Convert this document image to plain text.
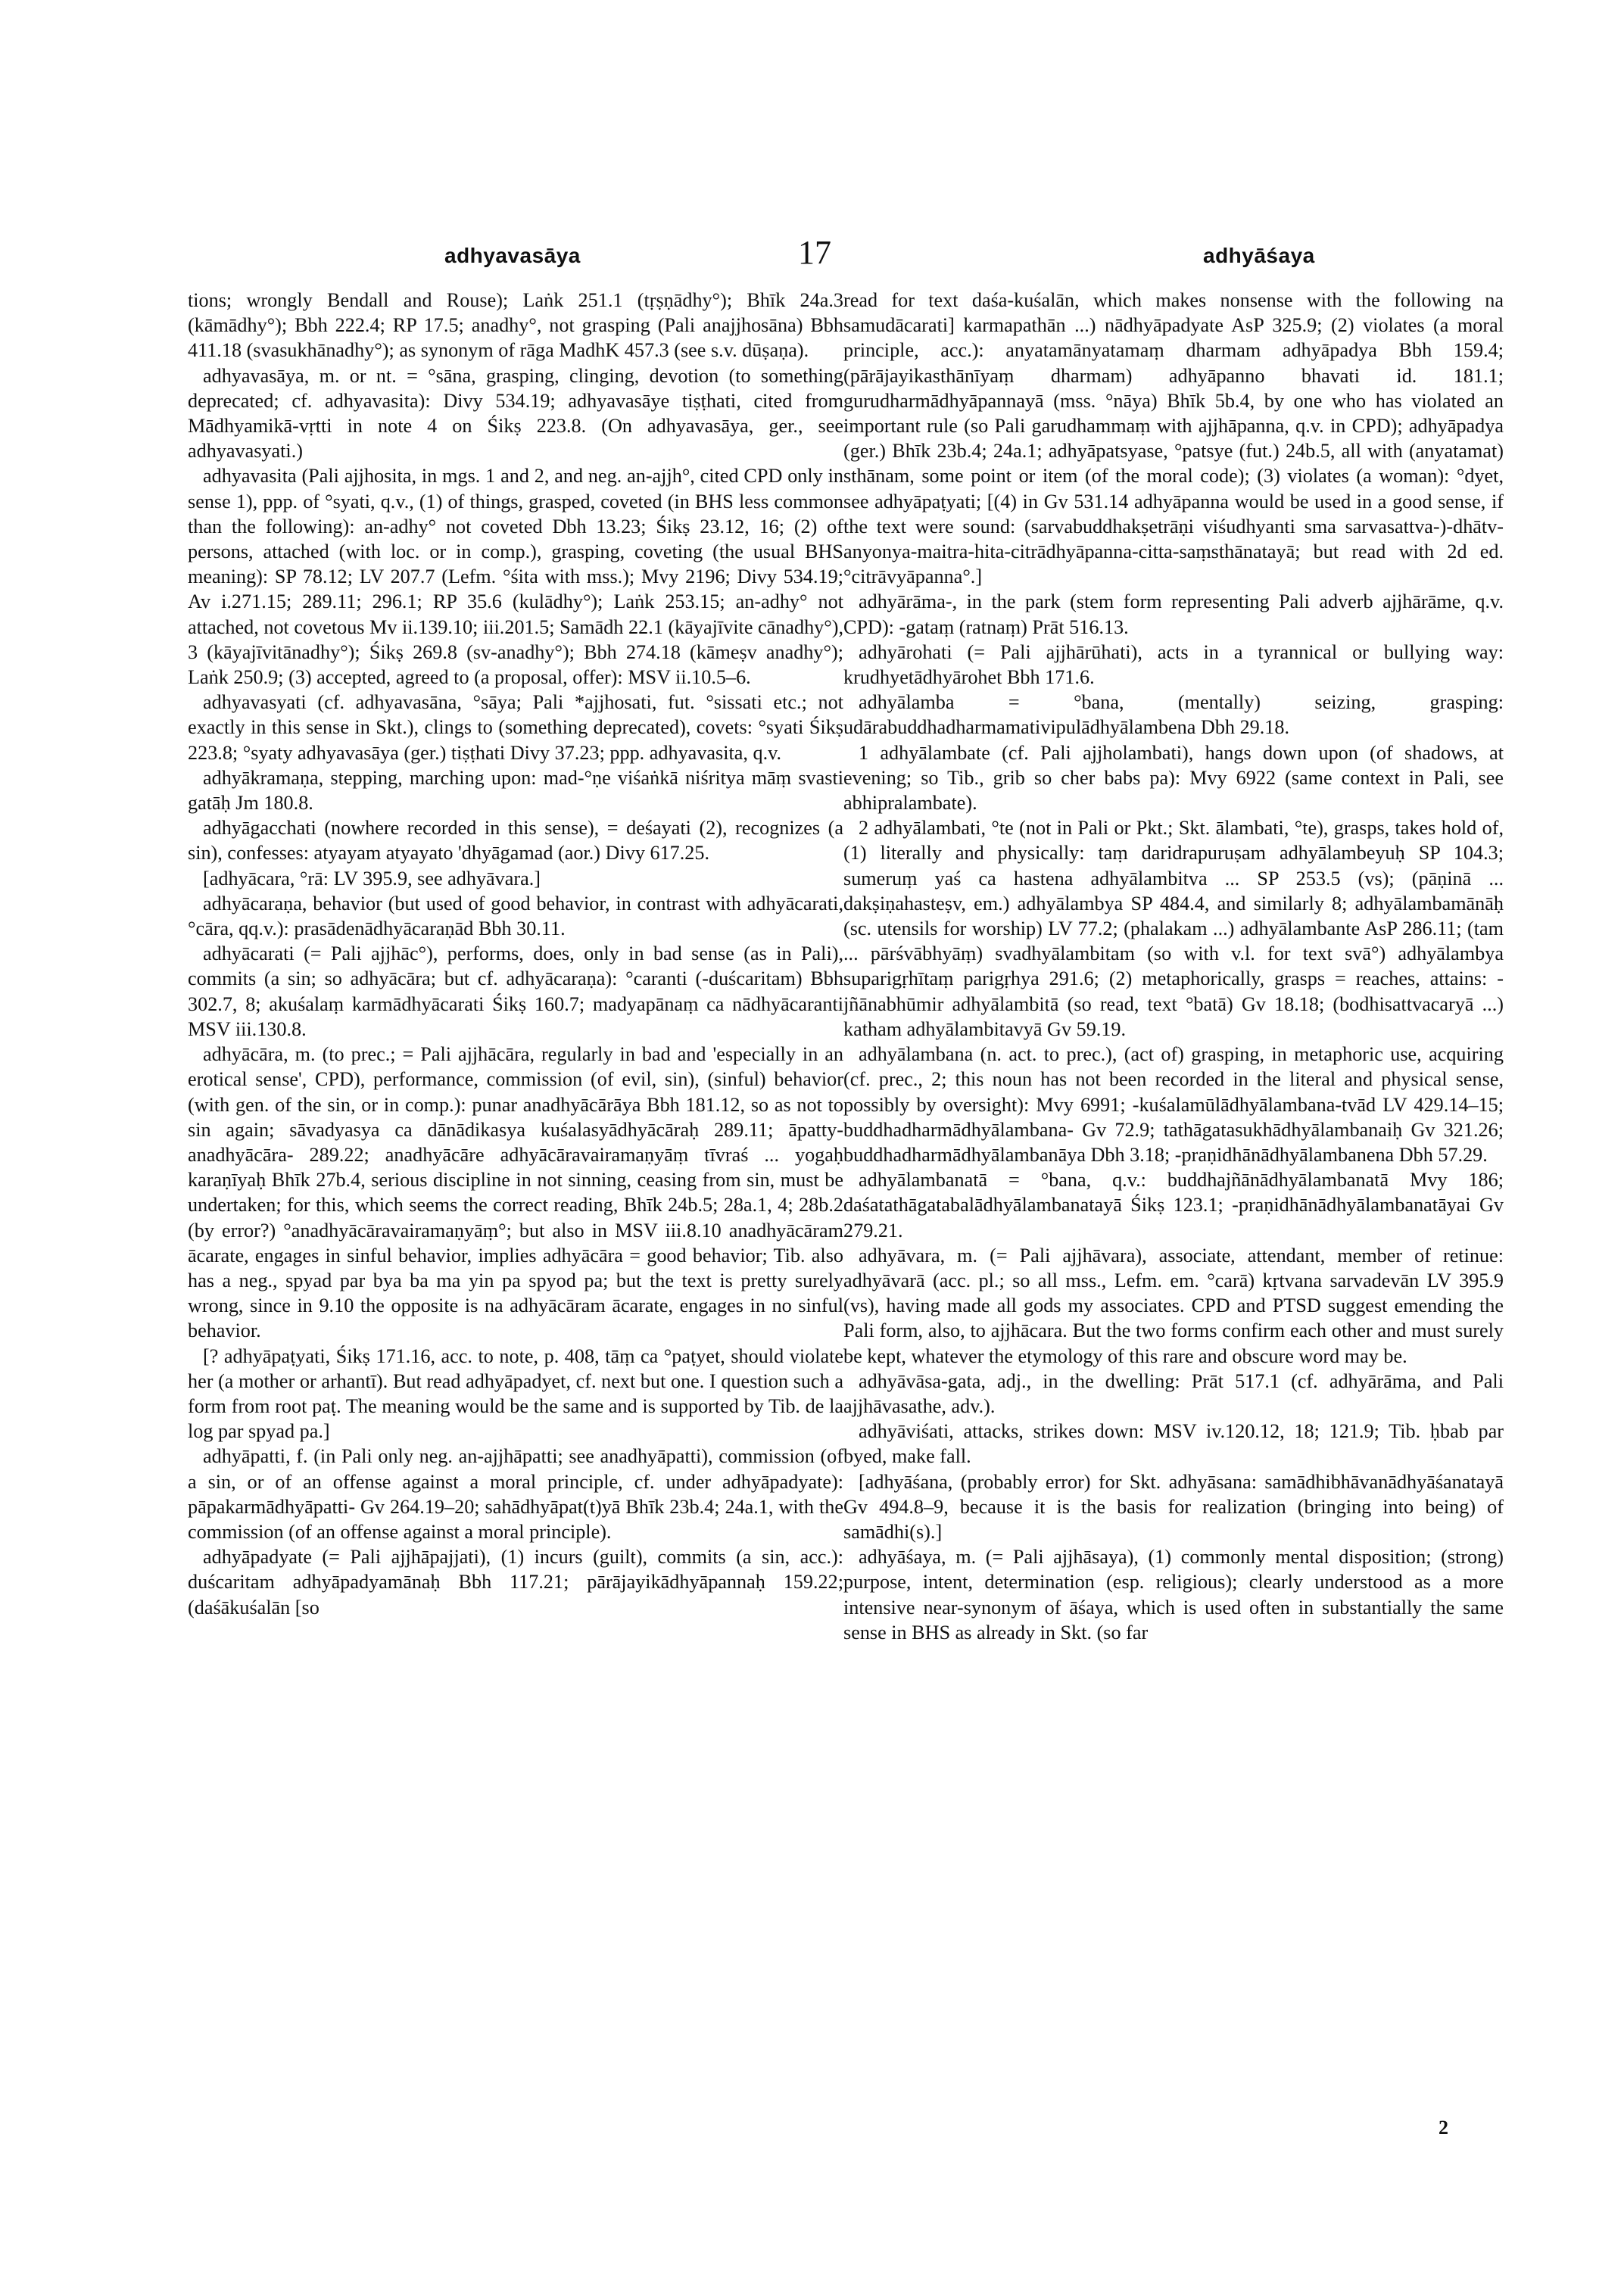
adhyavasāya	17	adhyāśaya

tions; wrongly Bendall and Rouse); Laṅk 251.1 (tṛṣṇādhy°); Bhīk 24a.3 (kāmādhy°); Bbh 222.4; RP 17.5; anadhy°, not grasping (Pali anajjhosāna) Bbh 411.18 (svasukhānadhy°); as synonym of rāga MadhK 457.3 (see s.v. dūṣaṇa).

adhyavasāya, m. or nt. = °sāna, grasping, clinging, devotion (to something deprecated; cf. adhyavasita): Divy 534.19; adhyavasāye tiṣṭhati, cited from Mādhyamikā-vṛtti in note 4 on Śikṣ 223.8. (On adhyavasāya, ger., see adhyavasyati.)

adhyavasita (Pali ajjhosita, in mgs. 1 and 2, and neg. an-ajjh°, cited CPD only in sense 1), ppp. of °syati, q.v., (1) of things, grasped, coveted (in BHS less common than the following): an-adhy° not coveted Dbh 13.23; Śikṣ 23.12, 16; (2) of persons, attached (with loc. or in comp.), grasping, coveting (the usual BHS meaning): SP 78.12; LV 207.7 (Lefm. °śita with mss.); Mvy 2196; Divy 534.19; Av i.271.15; 289.11; 296.1; RP 35.6 (kulādhy°); Laṅk 253.15; an-adhy° not attached, not covetous Mv ii.139.10; iii.201.5; Samādh 22.1 (kāyajīvite cānadhy°), 3 (kāyajīvitānadhy°); Śikṣ 269.8 (sv-anadhy°); Bbh 274.18 (kāmeṣv anadhy°); Laṅk 250.9; (3) accepted, agreed to (a proposal, offer): MSV ii.10.5–6.

adhyavasyati (cf. adhyavasāna, °sāya; Pali *ajjhosati, fut. °sissati etc.; not exactly in this sense in Skt.), clings to (something deprecated), covets: °syati Śikṣ 223.8; °syaty adhyavasāya (ger.) tiṣṭhati Divy 37.23; ppp. adhyavasita, q.v.

adhyākramaṇa, stepping, marching upon: mad-°ṇe viśaṅkā niśritya māṃ svasti gatāḥ Jm 180.8.

adhyāgacchati (nowhere recorded in this sense), = deśayati (2), recognizes (a sin), confesses: atyayam atyayato 'dhyāgamad (aor.) Divy 617.25.

[adhyācara, °rā: LV 395.9, see adhyāvara.]

adhyācaraṇa, behavior (but used of good behavior, in contrast with adhyācarati, °cāra, qq.v.): prasādenādhyācaraṇād Bbh 30.11.

adhyācarati (= Pali ajjhāc°), performs, does, only in bad sense (as in Pali), commits (a sin; so adhyācāra; but cf. adhyācaraṇa): °caranti (-duścaritam) Bbh 302.7, 8; akuśalaṃ karmādhyācarati Śikṣ 160.7; madyapānaṃ ca nādhyācaranti MSV iii.130.8.

adhyācāra, m. (to prec.; = Pali ajjhācāra, regularly in bad and 'especially in an erotical sense', CPD), performance, commission (of evil, sin), (sinful) behavior (with gen. of the sin, or in comp.): punar anadhyācārāya Bbh 181.12, so as not to sin again; sāvadyasya ca dānādikasya kuśalasyādhyācāraḥ 289.11; āpatty-anadhyācāra- 289.22; anadhyācāre adhyācāravairamaṇyāṃ tīvraś ... yogaḥ karaṇīyaḥ Bhīk 27b.4, serious discipline in not sinning, ceasing from sin, must be undertaken; for this, which seems the correct reading, Bhīk 24b.5; 28a.1, 4; 28b.2 (by error?) °anadhyācāravairamaṇyāṃ°; but also in MSV iii.8.10 anadhyācāram ācarate, engages in sinful behavior, implies adhyācāra = good behavior; Tib. also has a neg., spyad par bya ba ma yin pa spyod pa; but the text is pretty surely wrong, since in 9.10 the opposite is na adhyācāram ācarate, engages in no sinful behavior.

[? adhyāpaṭyati, Śikṣ 171.16, acc. to note, p. 408, tāṃ ca °paṭyet, should violate her (a mother or arhantī). But read adhyāpadyet, cf. next but one. I question such a form from root paṭ. The meaning would be the same and is supported by Tib. de la log par spyad pa.]

adhyāpatti, f. (in Pali only neg. an-ajjhāpatti; see anadhyāpatti), commission (of a sin, or of an offense against a moral principle, cf. under adhyāpadyate): pāpakarmādhyāpatti- Gv 264.19–20; sahādhyāpat(t)yā Bhīk 23b.4; 24a.1, with the commission (of an offense against a moral principle).

adhyāpadyate (= Pali ajjhāpajjati), (1) incurs (guilt), commits (a sin, acc.): duścaritam adhyāpadyamānaḥ Bbh 117.21; pārājayikādhyāpannaḥ 159.22; (daśākuśalān [so

read for text daśa-kuśalān, which makes nonsense with the following na samudācarati] karmapathān ...) nādhyāpadyate AsP 325.9; (2) violates (a moral principle, acc.): anyatamānyatamaṃ dharmam adhyāpadya Bbh 159.4; (pārājayikasthānīyaṃ dharmam) adhyāpanno bhavati id. 181.1; gurudharmādhyāpannayā (mss. °nāya) Bhīk 5b.4, by one who has violated an important rule (so Pali garudhammaṃ with ajjhāpanna, q.v. in CPD); adhyāpadya (ger.) Bhīk 23b.4; 24a.1; adhyāpatsyase, °patsye (fut.) 24b.5, all with (anyatamat) sthānam, some point or item (of the moral code); (3) violates (a woman): °dyet, see adhyāpaṭyati; [(4) in Gv 531.14 adhyāpanna would be used in a good sense, if the text were sound: (sarvabuddhakṣetrāṇi viśudhyanti sma sarvasattva-)-dhātv-anyonya-maitra-hita-citrādhyāpanna-citta-saṃsthānatayā; but read with 2d ed. °citrāvyāpanna°.]

adhyārāma-, in the park (stem form representing Pali adverb ajjhārāme, q.v. CPD): -gataṃ (ratnaṃ) Prāt 516.13.

adhyārohati (= Pali ajjhārūhati), acts in a tyrannical or bullying way: krudhyetādhyārohet Bbh 171.6.

adhyālamba = °bana, (mentally) seizing, grasping: udārabuddhadharmamativipulādhyālambena Dbh 29.18.

1 adhyālambate (cf. Pali ajjholambati), hangs down upon (of shadows, at evening; so Tib., grib so cher babs pa): Mvy 6922 (same context in Pali, see abhipralambate).

2 adhyālambati, °te (not in Pali or Pkt.; Skt. ālambati, °te), grasps, takes hold of, (1) literally and physically: taṃ daridrapuruṣam adhyālambeyuḥ SP 104.3; sumeruṃ yaś ca hastena adhyālambitva ... SP 253.5 (vs); (pāṇinā ... dakṣiṇahasteṣv, em.) adhyālambya SP 484.4, and similarly 8; adhyālambamānāḥ (sc. utensils for worship) LV 77.2; (phalakam ...) adhyālambante AsP 286.11; (tam ... pārśvābhyāṃ) svadhyālambitam (so with v.l. for text svā°) adhyālambya suparigṛhītaṃ parigṛhya 291.6; (2) metaphorically, grasps = reaches, attains: -jñānabhūmir adhyālambitā (so read, text °batā) Gv 18.18; (bodhisattvacaryā ...) katham adhyālambitavyā Gv 59.19.

adhyālambana (n. act. to prec.), (act of) grasping, in metaphoric use, acquiring (cf. prec., 2; this noun has not been recorded in the literal and physical sense, possibly by oversight): Mvy 6991; -kuśalamūlādhyālambana-tvād LV 429.14–15; buddhadharmādhyālambana- Gv 72.9; tathāgatasukhādhyālambanaiḥ Gv 321.26; buddhadharmādhyālambanāya Dbh 3.18; -praṇidhānādhyālambanena Dbh 57.29.

adhyālambanatā = °bana, q.v.: buddhajñānādhyālambanatā Mvy 186; daśatathāgatabalādhyālambanatayā Śikṣ 123.1; -praṇidhānādhyālambanatāyai Gv 279.21.

adhyāvara, m. (= Pali ajjhāvara), associate, attendant, member of retinue: adhyāvarā (acc. pl.; so all mss., Lefm. em. °carā) kṛtvana sarvadevān LV 395.9 (vs), having made all gods my associates. CPD and PTSD suggest emending the Pali form, also, to ajjhācara. But the two forms confirm each other and must surely be kept, whatever the etymology of this rare and obscure word may be.

adhyāvāsa-gata, adj., in the dwelling: Prāt 517.1 (cf. adhyārāma, and Pali ajjhāvasathe, adv.).

adhyāviśati, attacks, strikes down: MSV iv.120.12, 18; 121.9; Tib. ḥbab par byed, make fall.

[adhyāśana, (probably error) for Skt. adhyāsana: samādhibhāvanādhyāśanatayā Gv 494.8–9, because it is the basis for realization (bringing into being) of samādhi(s).]

adhyāśaya, m. (= Pali ajjhāsaya), (1) commonly mental disposition; (strong) purpose, intent, determination (esp. religious); clearly understood as a more intensive near-synonym of āśaya, which is used often in substantially the same sense in BHS as already in Skt. (so far

2
